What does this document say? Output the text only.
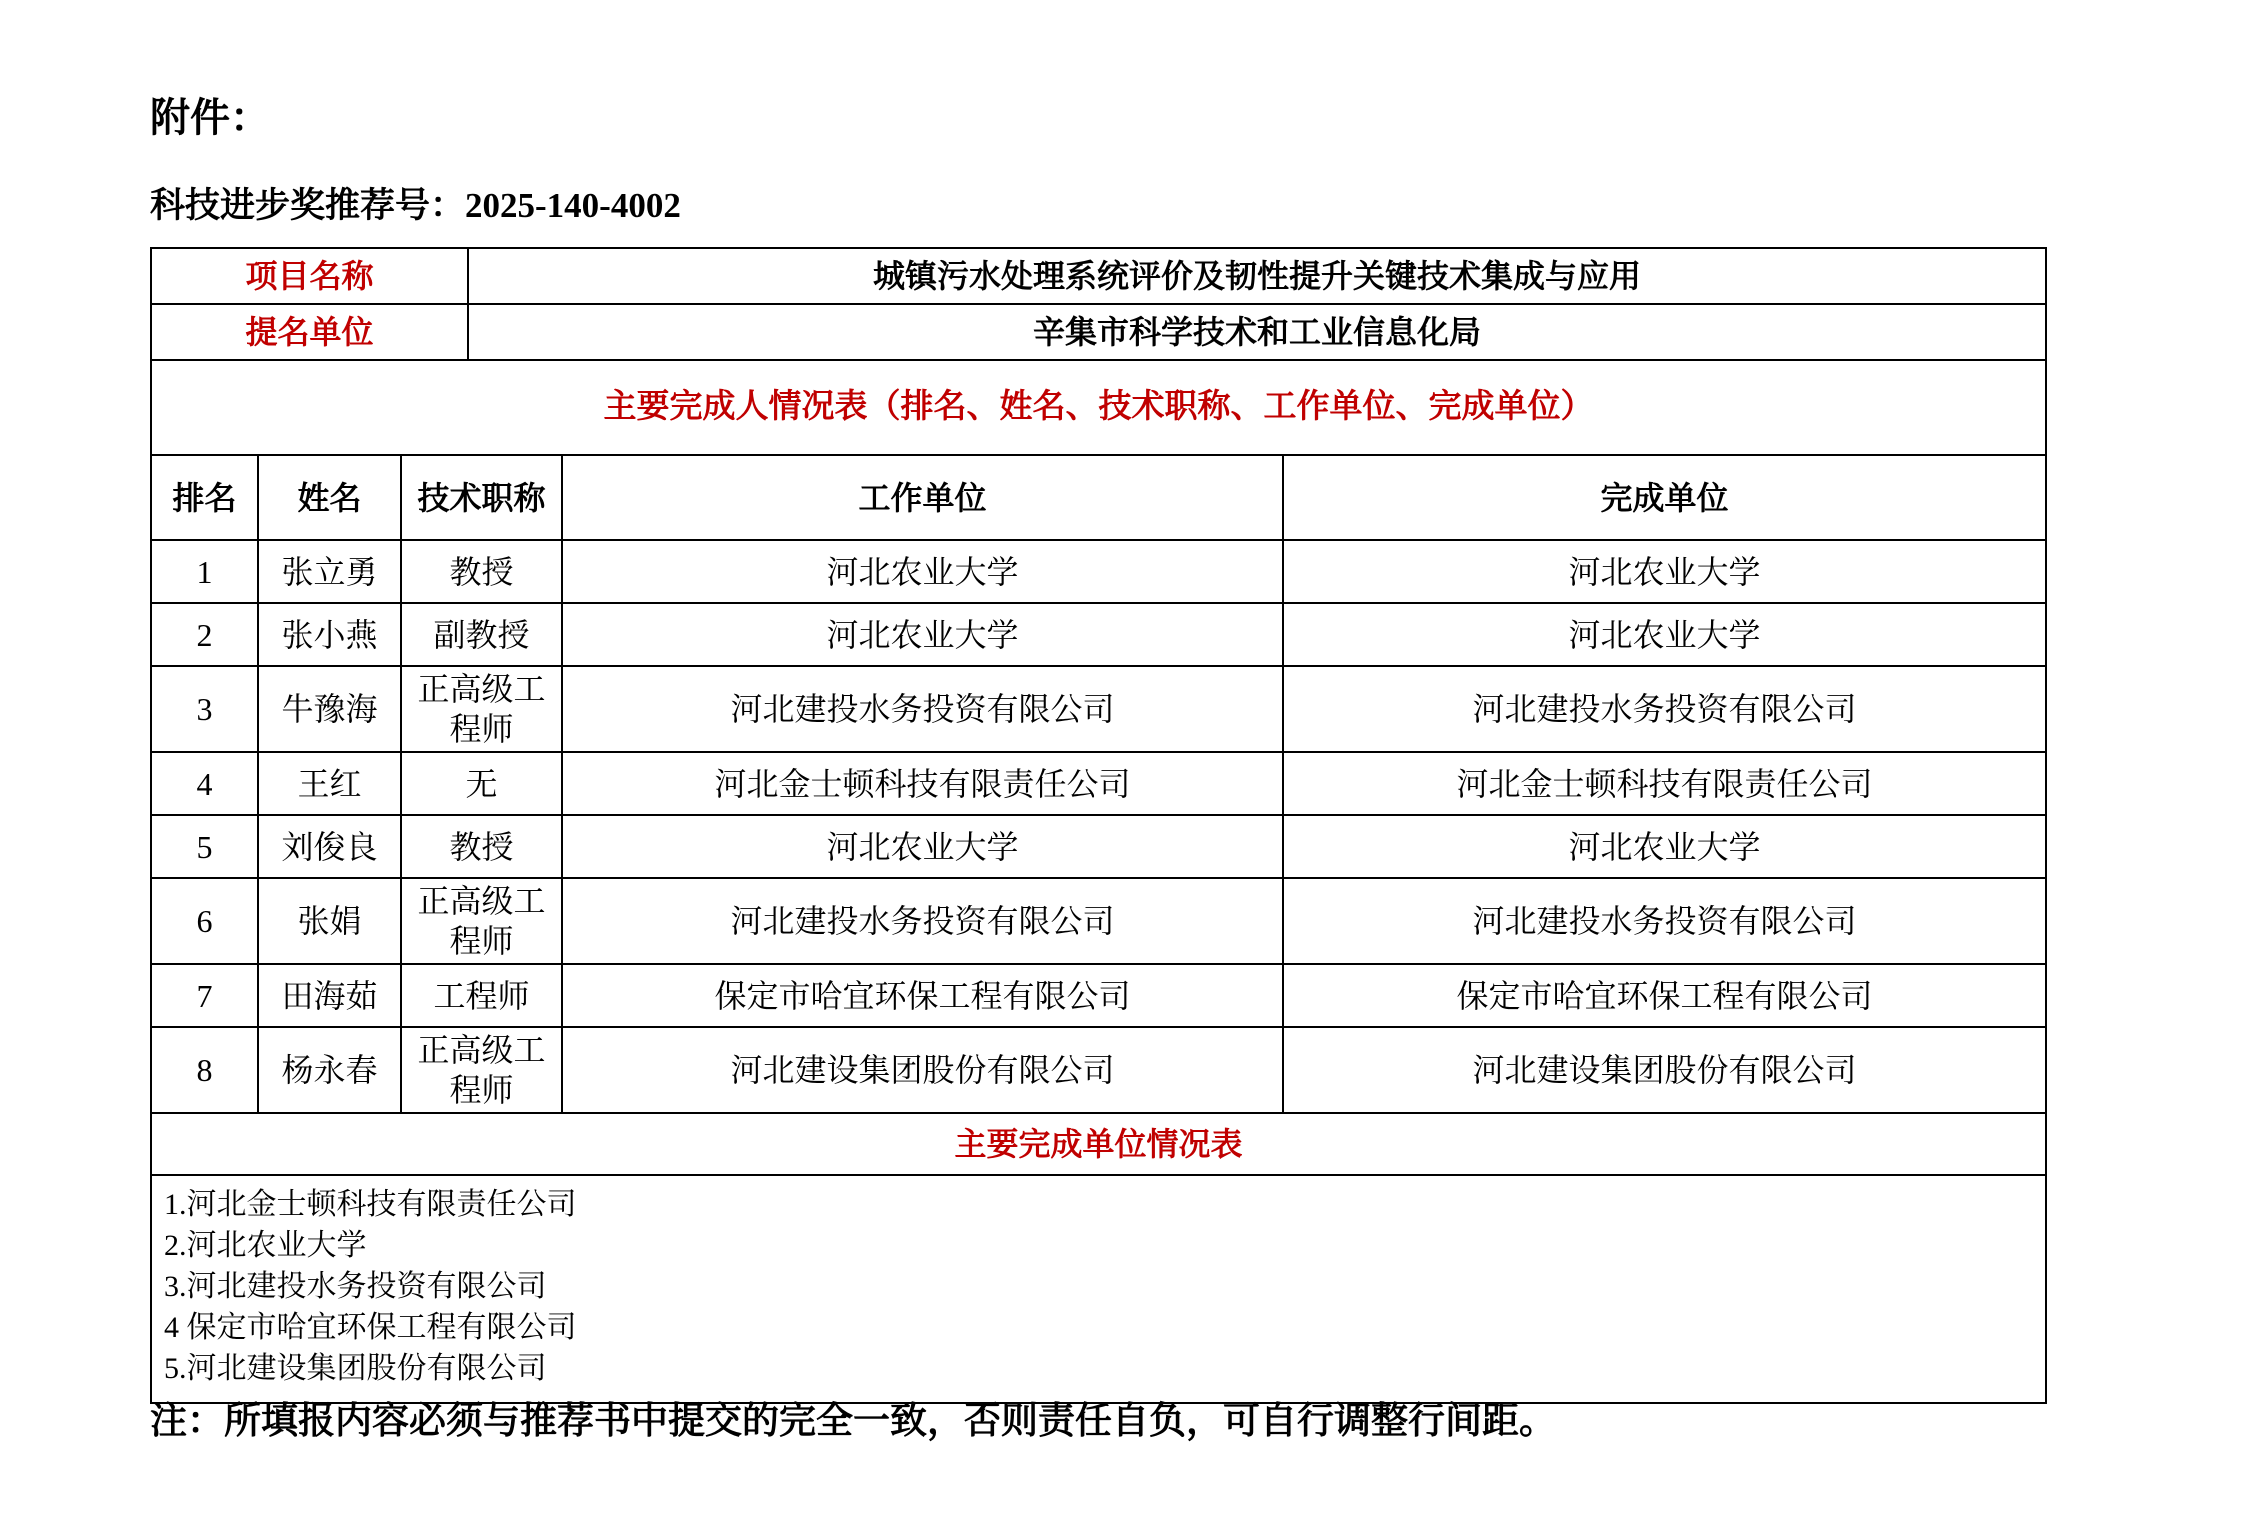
附件：
科技进步奖推荐号：2025-140-4002
项目名称	城镇污水处理系统评价及韧性提升关键技术集成与应用
提名单位	辛集市科学技术和工业信息化局
主要完成人情况表（排名、姓名、技术职称、工作单位、完成单位）				
排名	姓名	技术职称	工作单位	完成单位
1	张立勇	教授	河北农业大学	河北农业大学
2	张小燕	副教授	河北农业大学	河北农业大学
3	牛豫海	正高级工程师	河北建投水务投资有限公司	河北建投水务投资有限公司
4	王红	无	河北金士顿科技有限责任公司	河北金士顿科技有限责任公司
5	刘俊良	教授	河北农业大学	河北农业大学
6	张娟	正高级工程师	河北建投水务投资有限公司	河北建投水务投资有限公司
7	田海茹	工程师	保定市哈宜环保工程有限公司	保定市哈宜环保工程有限公司
8	杨永春	正高级工程师	河北建设集团股份有限公司	河北建设集团股份有限公司
主要完成单位情况表				

1.河北金士顿科技有限责任公司
2.河北农业大学
3.河北建投水务投资有限公司
4 保定市哈宜环保工程有限公司
5.河北建设集团股份有限公司				
注：所填报内容必须与推荐书中提交的完全一致，否则责任自负，可自行调整行间距。
